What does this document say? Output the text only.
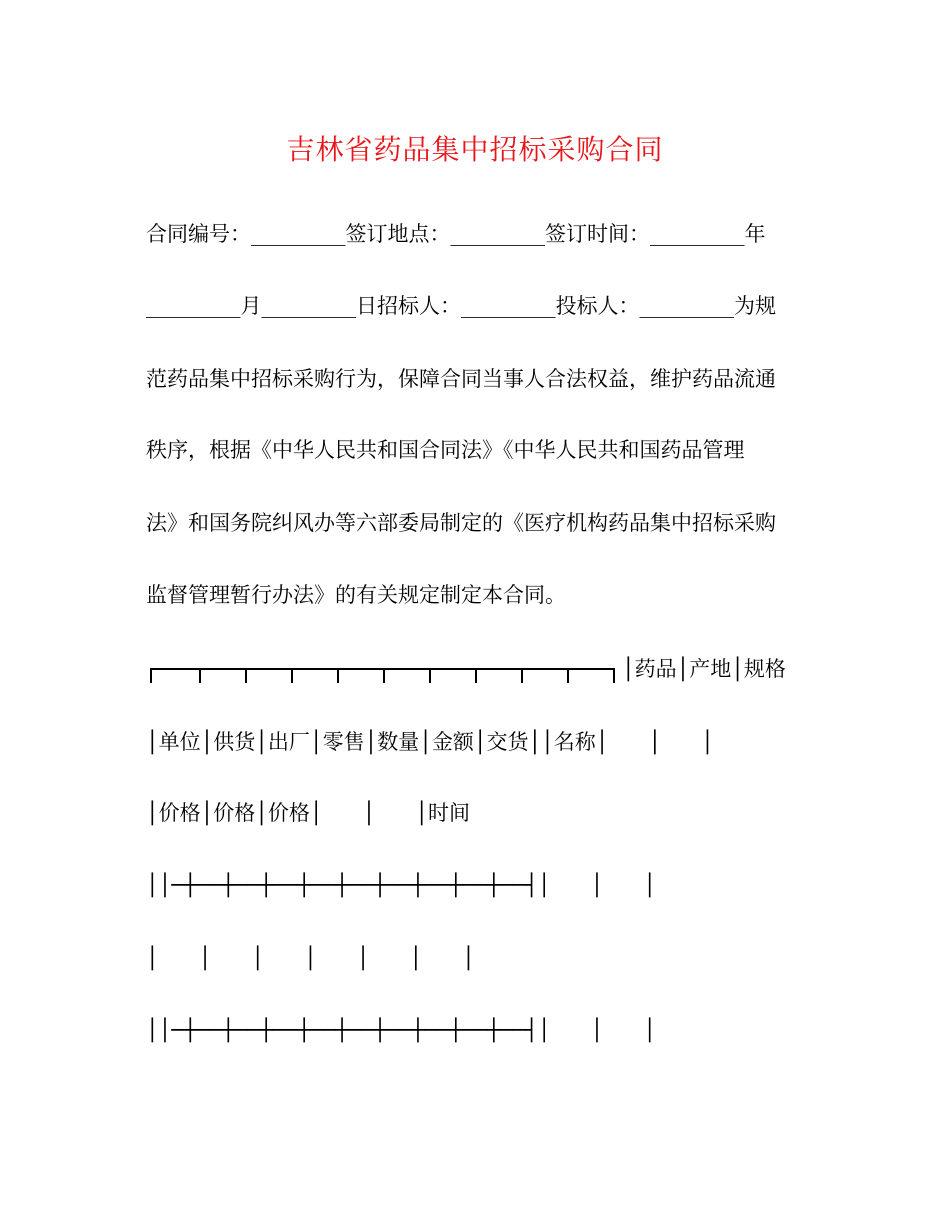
吉林省药品集中招标采购合同
合同编号：_________签订地点：_________签订时间：_________年
_________月_________日招标人：_________投标人：_________为规
范药品集中招标采购行为，保障合同当事人合法权益，维护药品流通
秩序，根据《中华人民共和国合同法》《中华人民共和国药品管理
法》和国务院纠风办等六部委局制定的《医疗机构药品集中招标采购
监督管理暂行办法》的有关规定制定本合同。
│药品│产地│规格
│单位│供货│出厂│零售│数量│金额│交货││名称│      │      │
│价格│价格│价格│      │      │时间
││─┼──┼──┼──┼──┼──┼──┼──┼──┼──┤│      │      │
│      │      │      │      │      │      │
││─┼──┼──┼──┼──┼──┼──┼──┼──┼──┤│      │      │
